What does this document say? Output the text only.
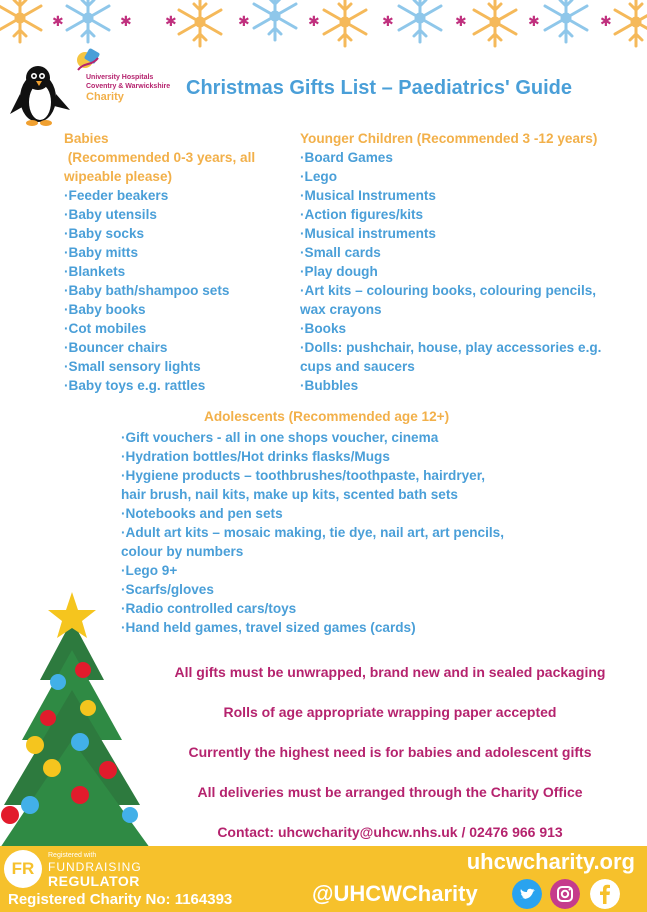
✱	✱ ✱	✱	✱	✱	✱	✱	✱
University Hospitals
Coventry & Warwickshire
Charity	Christmas Gifts List – Paediatrics' Guide
Babies
(Recommended 0-3 years, all
wipeable please)
·Feeder beakers
·Baby utensils
·Baby socks
·Baby mitts
·Blankets
·Baby bath/shampoo sets
·Baby books
·Cot mobiles
·Bouncer chairs
·Small sensory lights
·Baby toys e.g. rattles
Younger Children (Recommended 3 -12 years)
·Board Games
·Lego
·Musical Instruments
·Action figures/kits
·Musical instruments
·Small cards
·Play dough
·Art kits – colouring books, colouring pencils,
wax crayons
·Books
·Dolls: pushchair, house, play accessories e.g.
cups and saucers
·Bubbles
Adolescents (Recommended age 12+)
·Gift vouchers - all in one shops voucher, cinema
·Hydration bottles/Hot drinks flasks/Mugs
·Hygiene products – toothbrushes/toothpaste, hairdryer,
hair brush, nail kits, make up kits, scented bath sets
·Notebooks and pen sets
·Adult art kits – mosaic making, tie dye, nail art, art pencils,
colour by numbers
·Lego 9+
·Scarfs/gloves
·Radio controlled cars/toys
·Hand held games, travel sized games (cards)
All gifts must be unwrapped, brand new and in sealed packaging
Rolls of age appropriate wrapping paper accepted
Currently the highest need is for babies and adolescent gifts
All deliveries must be arranged through the Charity Office
Contact: uhcwcharity@uhcw.nhs.uk / 02476 966 913
FR
Registered with
FUNDRAISING
REGULATOR
Registered Charity No: 1164393
uhcwcharity.org
@UHCWCharity
